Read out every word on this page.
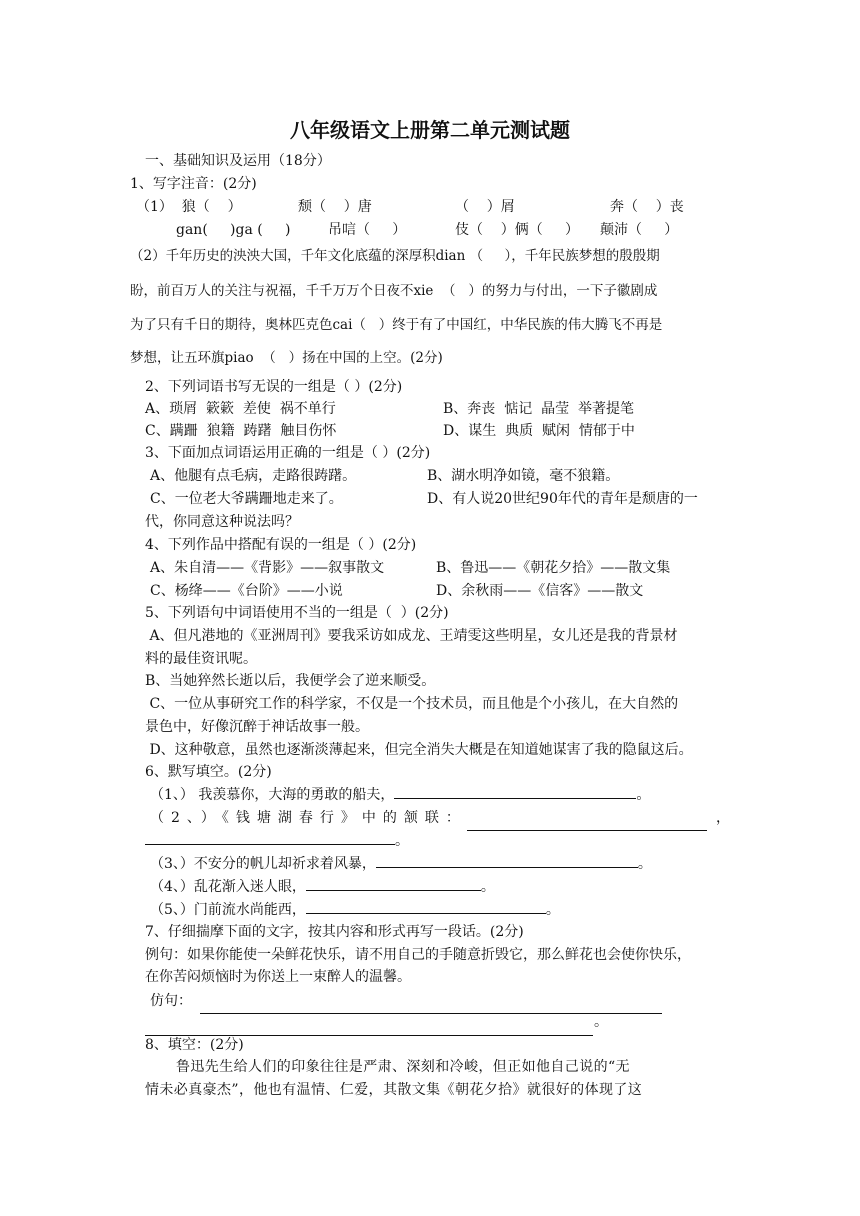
八年级语文上册第二单元测试题
一、基础知识及运用（18分）
1、写字注音：(2分)
（1）  狼（    ）	颓（    ）唐	（    ）屑	奔（    ）丧
gan(     )ga (     )	吊唁（     ）	伎（    ）俩（     ） 颠沛（     ）
（2）千年历史的泱泱大国，千年文化底蕴的深厚积dian （     ），千年民族梦想的殷殷期
盼，前百万人的关注与祝福，千千万万个日夜不xie  （   ）的努力与付出，一下子徽剧成
为了只有千日的期待，奥林匹克色cai（   ）终于有了中国红，中华民族的伟大腾飞不再是
梦想，让五环旗piao  （   ）扬在中国的上空。(2分)
2、下列词语书写无误的一组是（ ）(2分)
A、琐屑  簌簌  差使  祸不单行	B、奔丧  惦记  晶莹  举著提笔
C、蹒跚  狼籍  踌躇  触目伤怀	D、谋生  典质  赋闲  情郁于中
3、下面加点词语运用正确的一组是（ ）(2分)
A、他腿有点毛病，走路很踌躇。	B、湖水明净如镜，毫不狼籍。
C、一位老大爷蹒跚地走来了。	D、有人说20世纪90年代的青年是颓唐的一
代，你同意这种说法吗？
4、下列作品中搭配有误的一组是（ ）(2分)
A、朱自清——《背影》——叙事散文	B、鲁迅——《朝花夕拾》——散文集
C、杨绛——《台阶》——小说	D、余秋雨——《信客》——散文
5、下列语句中词语使用不当的一组是（  ）(2分)
A、但凡港地的《亚洲周刊》要我采访如成龙、王靖雯这些明星，女儿还是我的背景材
料的最佳资讯呢。
B、当她猝然长逝以后，我便学会了逆来顺受。
C、一位从事研究工作的科学家，不仅是一个技术员，而且他是个小孩儿，在大自然的
景色中，好像沉醉于神话故事一般。
D、这种敬意，虽然也逐渐淡薄起来，但完全消失大概是在知道她谋害了我的隐鼠这后。
6、默写填空。(2分)
（1、） 我羡慕你，大海的勇敢的船夫，	。
（2、）《钱塘湖春行》中的颔联：	，
。
（3、）不安分的帆儿却祈求着风暴，	。
（4、）乱花渐入迷人眼，	。
（5、）门前流水尚能西，	。
7、仔细揣摩下面的文字，按其内容和形式再写一段话。(2分)
例句：如果你能使一朵鲜花快乐，请不用自己的手随意折毁它，那么鲜花也会使你快乐，
在你苦闷烦恼时为你送上一束醉人的温馨。
仿句：
。
8、填空：(2分)
鲁迅先生给人们的印象往往是严肃、深刻和冷峻，但正如他自己说的“无
情未必真豪杰”，他也有温情、仁爱，其散文集《朝花夕拾》就很好的体现了这
